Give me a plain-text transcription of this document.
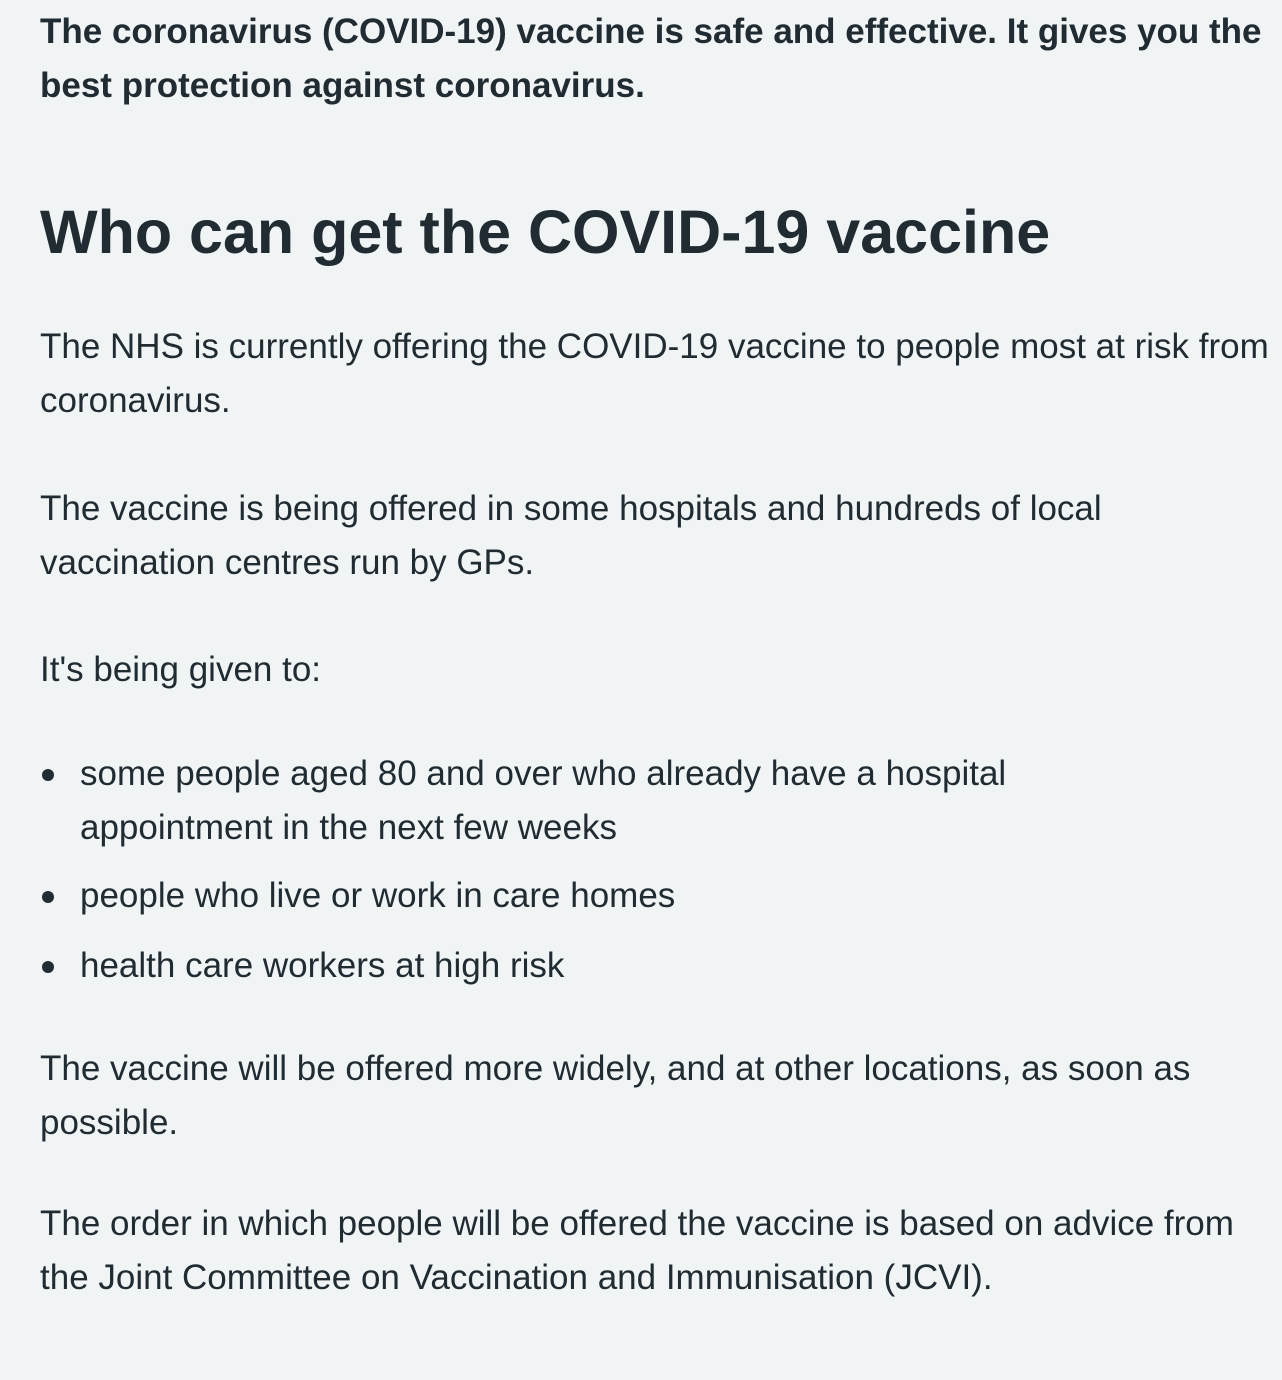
The coronavirus (COVID-19) vaccine is safe and effective. It gives you the best protection against coronavirus.

Who can get the COVID-19 vaccine

The NHS is currently offering the COVID-19 vaccine to people most at risk from coronavirus.

The vaccine is being offered in some hospitals and hundreds of local vaccination centres run by GPs.

It's being given to:

some people aged 80 and over who already have a hospital appointment in the next few weeks
people who live or work in care homes
health care workers at high risk

The vaccine will be offered more widely, and at other locations, as soon as possible.

The order in which people will be offered the vaccine is based on advice from the Joint Committee on Vaccination and Immunisation (JCVI).
